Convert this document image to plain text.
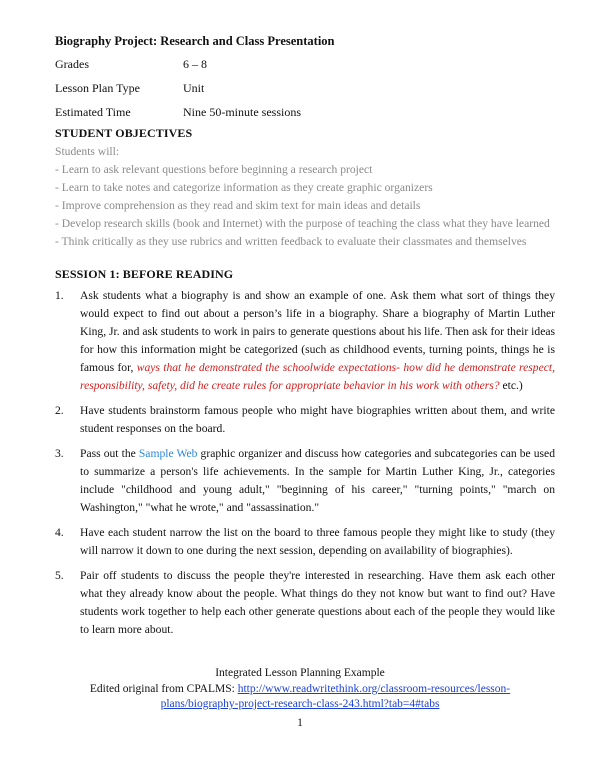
Biography Project: Research and Class Presentation
Grades	6 – 8
Lesson Plan Type	Unit
Estimated Time	Nine 50-minute sessions
STUDENT OBJECTIVES
Students will:
- Learn to ask relevant questions before beginning a research project
- Learn to take notes and categorize information as they create graphic organizers
- Improve comprehension as they read and skim text for main ideas and details
- Develop research skills (book and Internet) with the purpose of teaching the class what they have learned
- Think critically as they use rubrics and written feedback to evaluate their classmates and themselves
SESSION 1: BEFORE READING
1.	Ask students what a biography is and show an example of one. Ask them what sort of things they would expect to find out about a person’s life in a biography. Share a biography of Martin Luther King, Jr. and ask students to work in pairs to generate questions about his life. Then ask for their ideas for how this information might be categorized (such as childhood events, turning points, things he is famous for, ways that he demonstrated the schoolwide expectations- how did he demonstrate respect, responsibility, safety, did he create rules for appropriate behavior in his work with others? etc.)
2.	Have students brainstorm famous people who might have biographies written about them, and write student responses on the board.
3.	Pass out the Sample Web graphic organizer and discuss how categories and subcategories can be used to summarize a person's life achievements. In the sample for Martin Luther King, Jr., categories include "childhood and young adult," "beginning of his career," "turning points," "march on Washington," "what he wrote," and "assassination."
4.	Have each student narrow the list on the board to three famous people they might like to study (they will narrow it down to one during the next session, depending on availability of biographies).
5.	Pair off students to discuss the people they're interested in researching. Have them ask each other what they already know about the people. What things do they not know but want to find out? Have students work together to help each other generate questions about each of the people they would like to learn more about.
Integrated Lesson Planning Example
Edited original from CPALMS: http://www.readwritethink.org/classroom-resources/lesson-
plans/biography-project-research-class-243.html?tab=4#tabs
1
